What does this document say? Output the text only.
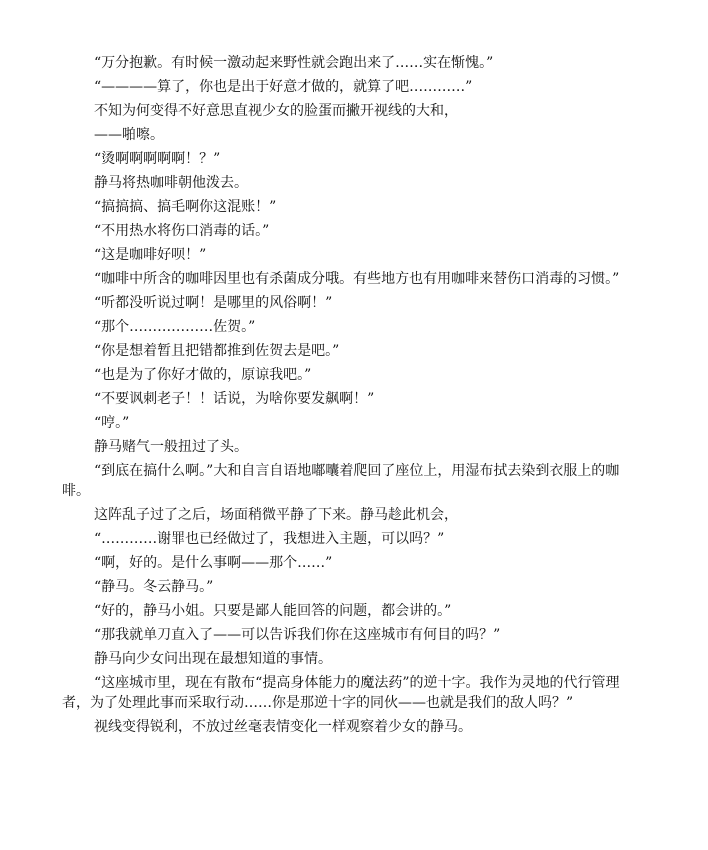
“万分抱歉。有时候一激动起来野性就会跑出来了……实在惭愧。”

“————算了，你也是出于好意才做的，就算了吧…………”

不知为何变得不好意思直视少女的脸蛋而撇开视线的大和，

——啪嚓。

“烫啊啊啊啊啊！？”

静马将热咖啡朝他泼去。

“搞搞搞、搞毛啊你这混账！”

“不用热水将伤口消毒的话。”

“这是咖啡好呗！”

“咖啡中所含的咖啡因里也有杀菌成分哦。有些地方也有用咖啡来替伤口消毒的习惯。”

“听都没听说过啊！是哪里的风俗啊！”

“那个………………佐贺。”

“你是想着暂且把错都推到佐贺去是吧。”

“也是为了你好才做的，原谅我吧。”

“不要讽刺老子！！话说，为啥你要发飙啊！”

“哼。”

静马赌气一般扭过了头。

“到底在搞什么啊。”大和自言自语地嘟囔着爬回了座位上，用湿布拭去染到衣服上的咖啡。

这阵乱子过了之后，场面稍微平静了下来。静马趁此机会，

“…………谢罪也已经做过了，我想进入主题，可以吗？”

“啊，好的。是什么事啊——那个……”

“静马。冬云静马。”

“好的，静马小姐。只要是鄙人能回答的问题，都会讲的。”

“那我就单刀直入了——可以告诉我们你在这座城市有何目的吗？”

静马向少女问出现在最想知道的事情。

“这座城市里，现在有散布“提高身体能力的魔法药”的逆十字。我作为灵地的代行管理者，为了处理此事而采取行动……你是那逆十字的同伙——也就是我们的敌人吗？”

视线变得锐利，不放过丝毫表情变化一样观察着少女的静马。
